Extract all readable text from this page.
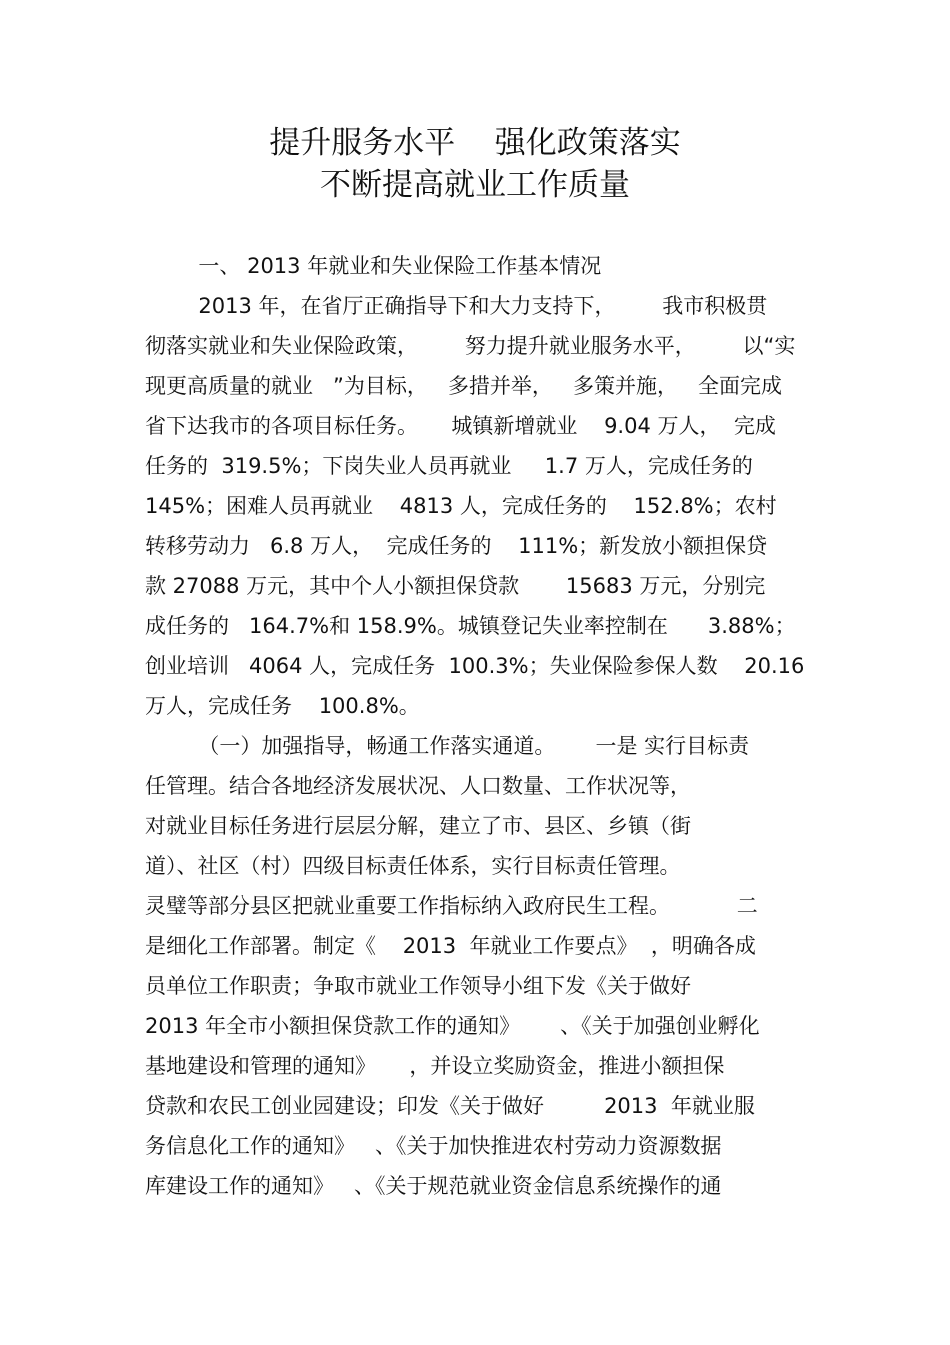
提升服务水平    强化政策落实
不断提高就业工作质量
一、 2013 年就业和失业保险工作基本情况
2013 年，在省厅正确指导下和大力支持下，       我市积极贯
彻落实就业和失业保险政策，       努力提升就业服务水平，       以“实
现更高质量的就业   ”为目标，   多措并举，   多策并施，   全面完成
省下达我市的各项目标任务。     城镇新增就业    9.04 万人，  完成
任务的  319.5%；下岗失业人员再就业     1.7 万人，完成任务的
145%；困难人员再就业    4813 人，完成任务的    152.8%；农村
转移劳动力   6.8 万人，  完成任务的    111%；新发放小额担保贷
款 27088 万元，其中个人小额担保贷款       15683 万元，分别完
成任务的   164.7%和 158.9%。城镇登记失业率控制在      3.88%；
创业培训   4064 人，完成任务  100.3%；失业保险参保人数    20.16
万人，完成任务    100.8%。
（一）加强指导，畅通工作落实通道。      一是 实行目标责
任管理。结合各地经济发展状况、人口数量、工作状况等，
对就业目标任务进行层层分解，建立了市、县区、乡镇（街
道）、社区（村）四级目标责任体系，实行目标责任管理。
灵璧等部分县区把就业重要工作指标纳入政府民生工程。          二
是细化工作部署。制定《    2013  年就业工作要点》  ，明确各成
员单位工作职责；争取市就业工作领导小组下发《关于做好
2013 年全市小额担保贷款工作的通知》      、《关于加强创业孵化
基地建设和管理的通知》     ，并设立奖励资金，推进小额担保
贷款和农民工创业园建设；印发《关于做好         2013  年就业服
务信息化工作的通知》   、《关于加快推进农村劳动力资源数据
库建设工作的通知》   、《关于规范就业资金信息系统操作的通
